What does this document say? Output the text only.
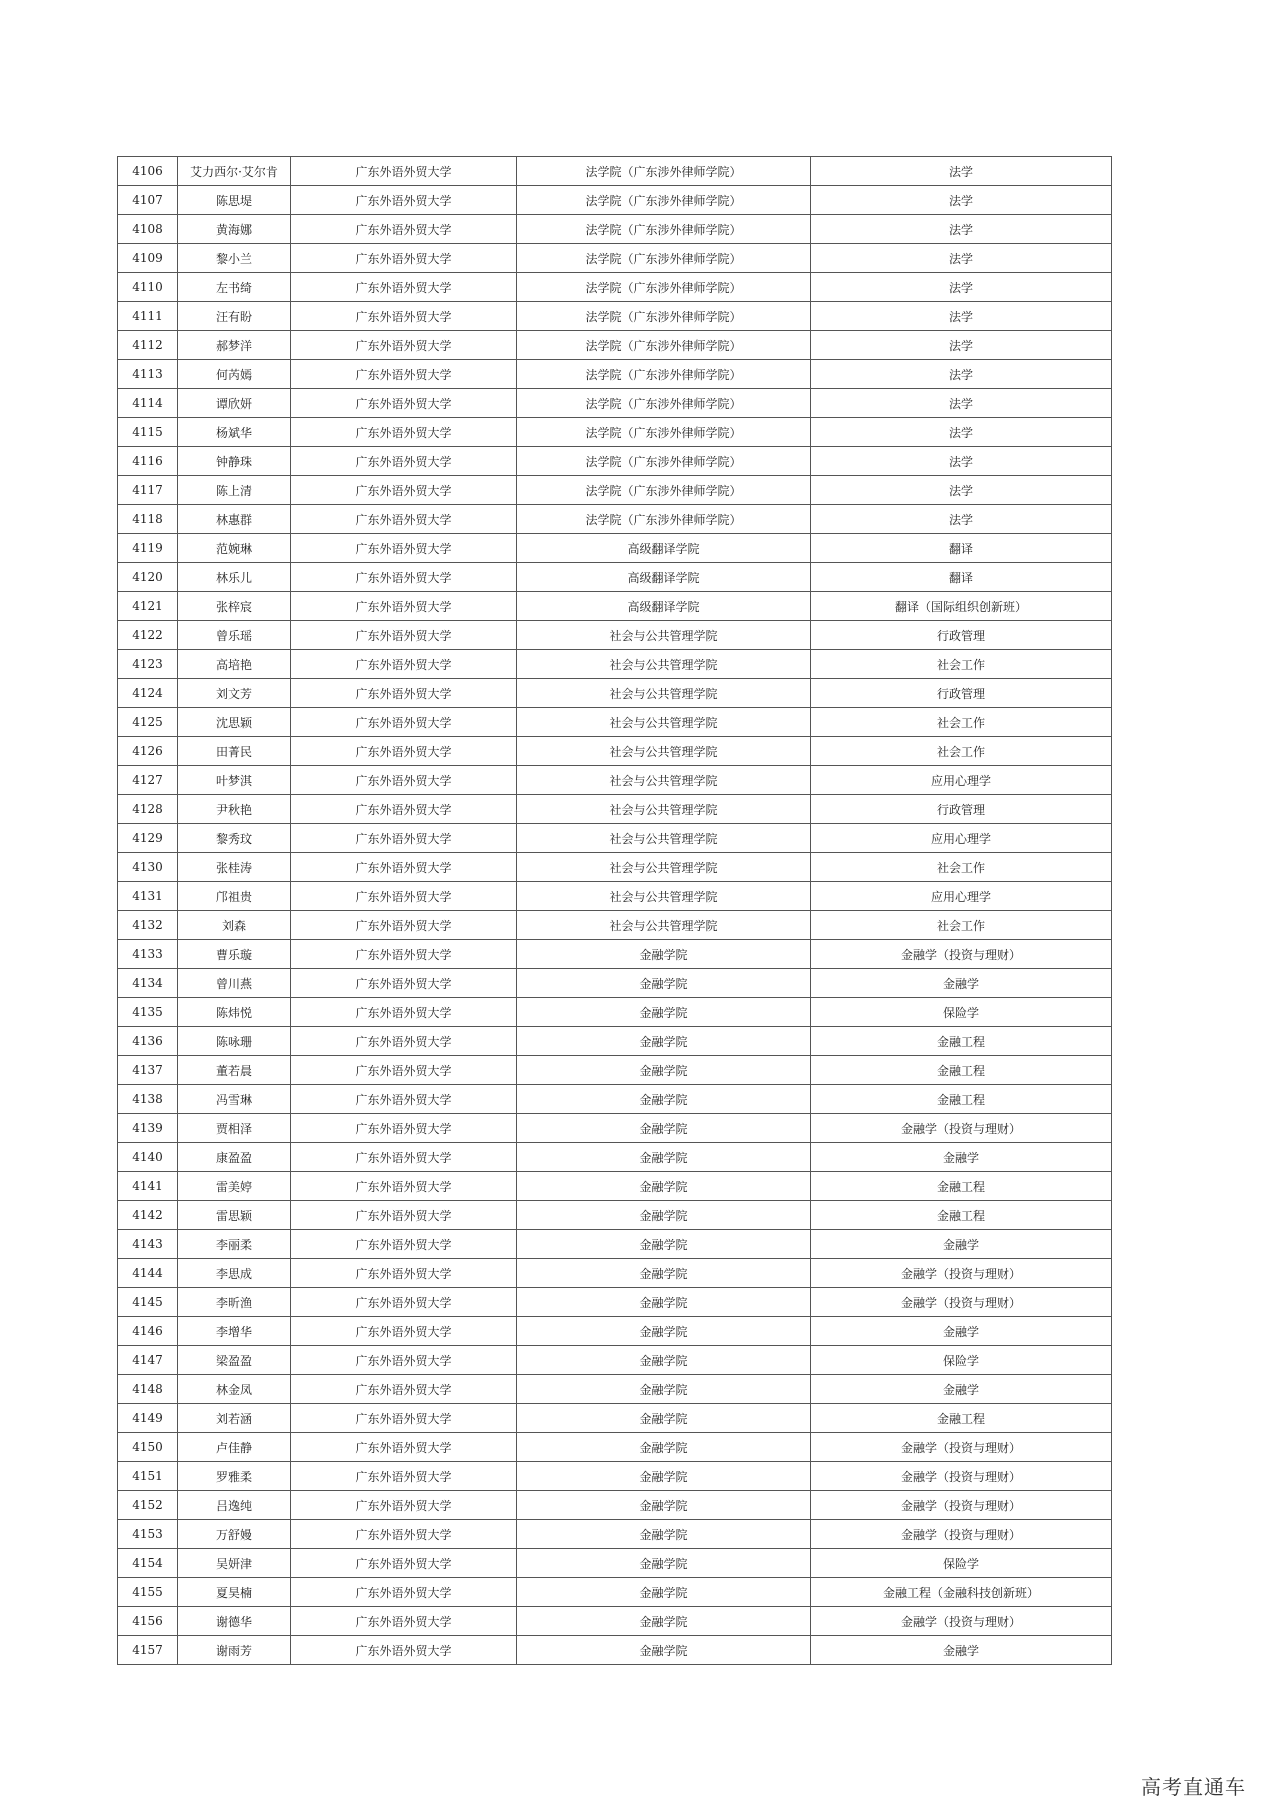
4106	艾力西尔·艾尔肯	广东外语外贸大学	法学院（广东涉外律师学院）	法学
4107	陈思堤	广东外语外贸大学	法学院（广东涉外律师学院）	法学
4108	黄海娜	广东外语外贸大学	法学院（广东涉外律师学院）	法学
4109	黎小兰	广东外语外贸大学	法学院（广东涉外律师学院）	法学
4110	左书绮	广东外语外贸大学	法学院（广东涉外律师学院）	法学
4111	汪有盼	广东外语外贸大学	法学院（广东涉外律师学院）	法学
4112	郝梦洋	广东外语外贸大学	法学院（广东涉外律师学院）	法学
4113	何芮嫣	广东外语外贸大学	法学院（广东涉外律师学院）	法学
4114	谭欣妍	广东外语外贸大学	法学院（广东涉外律师学院）	法学
4115	杨斌华	广东外语外贸大学	法学院（广东涉外律师学院）	法学
4116	钟静珠	广东外语外贸大学	法学院（广东涉外律师学院）	法学
4117	陈上清	广东外语外贸大学	法学院（广东涉外律师学院）	法学
4118	林惠群	广东外语外贸大学	法学院（广东涉外律师学院）	法学
4119	范婉琳	广东外语外贸大学	高级翻译学院	翻译
4120	林乐儿	广东外语外贸大学	高级翻译学院	翻译
4121	张梓宸	广东外语外贸大学	高级翻译学院	翻译（国际组织创新班）
4122	曾乐瑶	广东外语外贸大学	社会与公共管理学院	行政管理
4123	高培艳	广东外语外贸大学	社会与公共管理学院	社会工作
4124	刘文芳	广东外语外贸大学	社会与公共管理学院	行政管理
4125	沈思颖	广东外语外贸大学	社会与公共管理学院	社会工作
4126	田菁民	广东外语外贸大学	社会与公共管理学院	社会工作
4127	叶梦淇	广东外语外贸大学	社会与公共管理学院	应用心理学
4128	尹秋艳	广东外语外贸大学	社会与公共管理学院	行政管理
4129	黎秀玟	广东外语外贸大学	社会与公共管理学院	应用心理学
4130	张桂涛	广东外语外贸大学	社会与公共管理学院	社会工作
4131	邝祖贵	广东外语外贸大学	社会与公共管理学院	应用心理学
4132	刘森	广东外语外贸大学	社会与公共管理学院	社会工作
4133	曹乐璇	广东外语外贸大学	金融学院	金融学（投资与理财）
4134	曾川燕	广东外语外贸大学	金融学院	金融学
4135	陈炜悦	广东外语外贸大学	金融学院	保险学
4136	陈咏珊	广东外语外贸大学	金融学院	金融工程
4137	董若晨	广东外语外贸大学	金融学院	金融工程
4138	冯雪琳	广东外语外贸大学	金融学院	金融工程
4139	贾相泽	广东外语外贸大学	金融学院	金融学（投资与理财）
4140	康盈盈	广东外语外贸大学	金融学院	金融学
4141	雷美婷	广东外语外贸大学	金融学院	金融工程
4142	雷思颖	广东外语外贸大学	金融学院	金融工程
4143	李丽柔	广东外语外贸大学	金融学院	金融学
4144	李思成	广东外语外贸大学	金融学院	金融学（投资与理财）
4145	李昕渔	广东外语外贸大学	金融学院	金融学（投资与理财）
4146	李增华	广东外语外贸大学	金融学院	金融学
4147	梁盈盈	广东外语外贸大学	金融学院	保险学
4148	林金凤	广东外语外贸大学	金融学院	金融学
4149	刘若涵	广东外语外贸大学	金融学院	金融工程
4150	卢佳静	广东外语外贸大学	金融学院	金融学（投资与理财）
4151	罗雅柔	广东外语外贸大学	金融学院	金融学（投资与理财）
4152	吕逸纯	广东外语外贸大学	金融学院	金融学（投资与理财）
4153	万舒嫚	广东外语外贸大学	金融学院	金融学（投资与理财）
4154	吴妍津	广东外语外贸大学	金融学院	保险学
4155	夏昊楠	广东外语外贸大学	金融学院	金融工程（金融科技创新班）
4156	谢德华	广东外语外贸大学	金融学院	金融学（投资与理财）
4157	谢雨芳	广东外语外贸大学	金融学院	金融学
高考直通车
